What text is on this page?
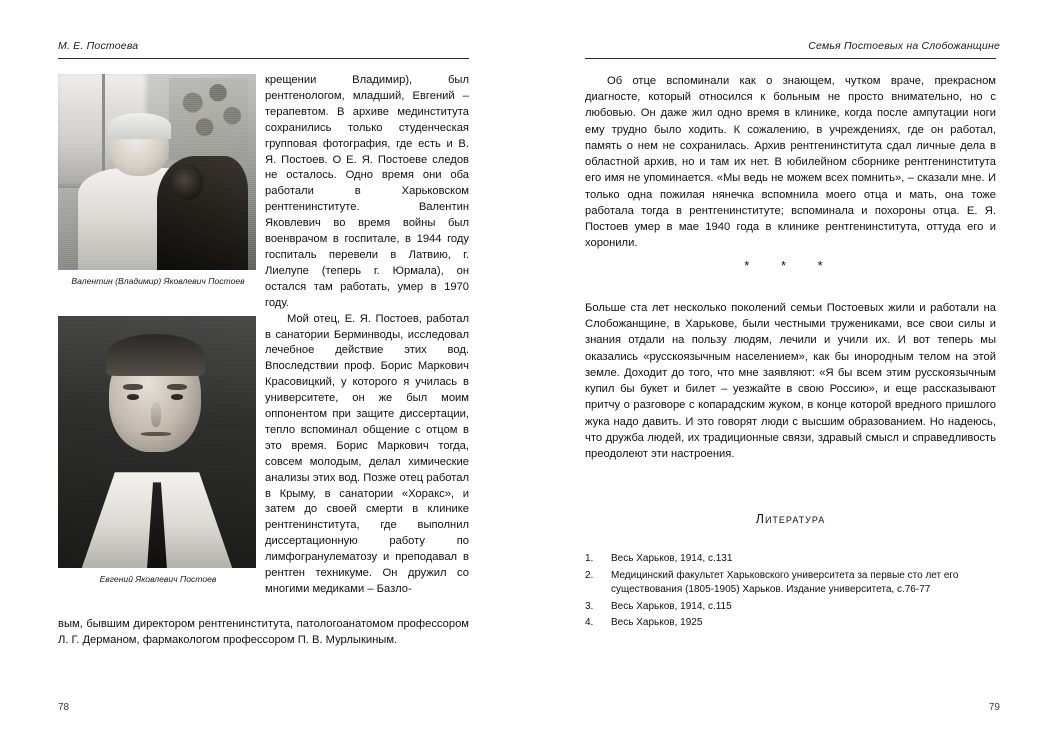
М. Е. Постоева
Валентин (Владимир) Яковлевич Постоев
Евгений Яковлевич Постоев

крещении Владимир), был рентгенологом, младший, Евгений – терапевтом. В архиве мединститута сохранились только студенческая групповая фотография, где есть и В. Я. Постоев. О Е. Я. Постоеве следов не осталось. Одно время они оба работали в Харьковском рентгенинституте. Валентин Яковлевич во время войны был военврачом в госпитале, в 1944 году госпиталь перевели в Латвию, г. Лиелупе (теперь г. Юрмала), он остался там работать, умер в 1970 году.

Мой отец, Е. Я. Постоев, работал в санатории Берминводы, исследовал лечебное действие этих вод. Впоследствии проф. Борис Маркович Красовицкий, у которого я училась в университете, он же был моим оппонентом при защите диссертации, тепло вспоминал общение с отцом в это время. Борис Маркович тогда, совсем молодым, делал химические анализы этих вод. Позже отец работал в Крыму, в санатории «Хоракс», и затем до своей смерти в клинике рентгенинститута, где выполнил диссертационную работу по лимфогранулематозу и преподавал в рентген техникуме. Он дружил со многими медиками – Базло-

вым, бывшим директором рентгенинститута, патологоанатомом профессором Л. Г. Дерманом, фармакологом профессором П. В. Мурлыкиным.

78
Семья Постоевых на Слобожанщине

Об отце вспоминали как о знающем, чутком враче, прекрасном диагносте, который относился к больным не просто внимательно, но с любовью. Он даже жил одно время в клинике, когда после ампутации ноги ему трудно было ходить. К сожалению, в учреждениях, где он работал, память о нем не сохранилась. Архив рентгенинститута сдал личные дела в областной архив, но и там их нет. В юбилейном сборнике рентгенинститута его имя не упоминается. «Мы ведь не можем всех помнить», – сказали мне. И только одна пожилая нянечка вспомнила моего отца и мать, она тоже работала тогда в рентгенинституте; вспоминала и похороны отца. Е. Я. Постоев умер в мае 1940 года в клинике рентгенинститута, оттуда его и хоронили.

* * *

Больше ста лет несколько поколений семьи Постоевых жили и работали на Слобожанщине, в Харькове, были честными тружениками, все свои силы и знания отдали на пользу людям, лечили и учили их. И вот теперь мы оказались «русскоязычным населением», как бы инородным телом на этой земле. Доходит до того, что мне заявляют: «Я бы всем этим русскоязычным купил бы букет и билет – уезжайте в свою Россию», и еще рассказывают притчу о разговоре с копарадским жуком, в конце которой вредного пришлого жука надо давить. И это говорят люди с высшим образованием. Но надеюсь, что дружба людей, их традиционные связи, здравый смысл и справедливость преодолеют эти настроения.

Литература
1.	Весь Харьков, 1914, с.131
2.	Медицинский факультет Харьковского университета за первые сто лет его существования (1805-1905) Харьков. Издание университета, с.76-77
3.	Весь Харьков, 1914, с.115
4.	Весь Харьков, 1925
79
